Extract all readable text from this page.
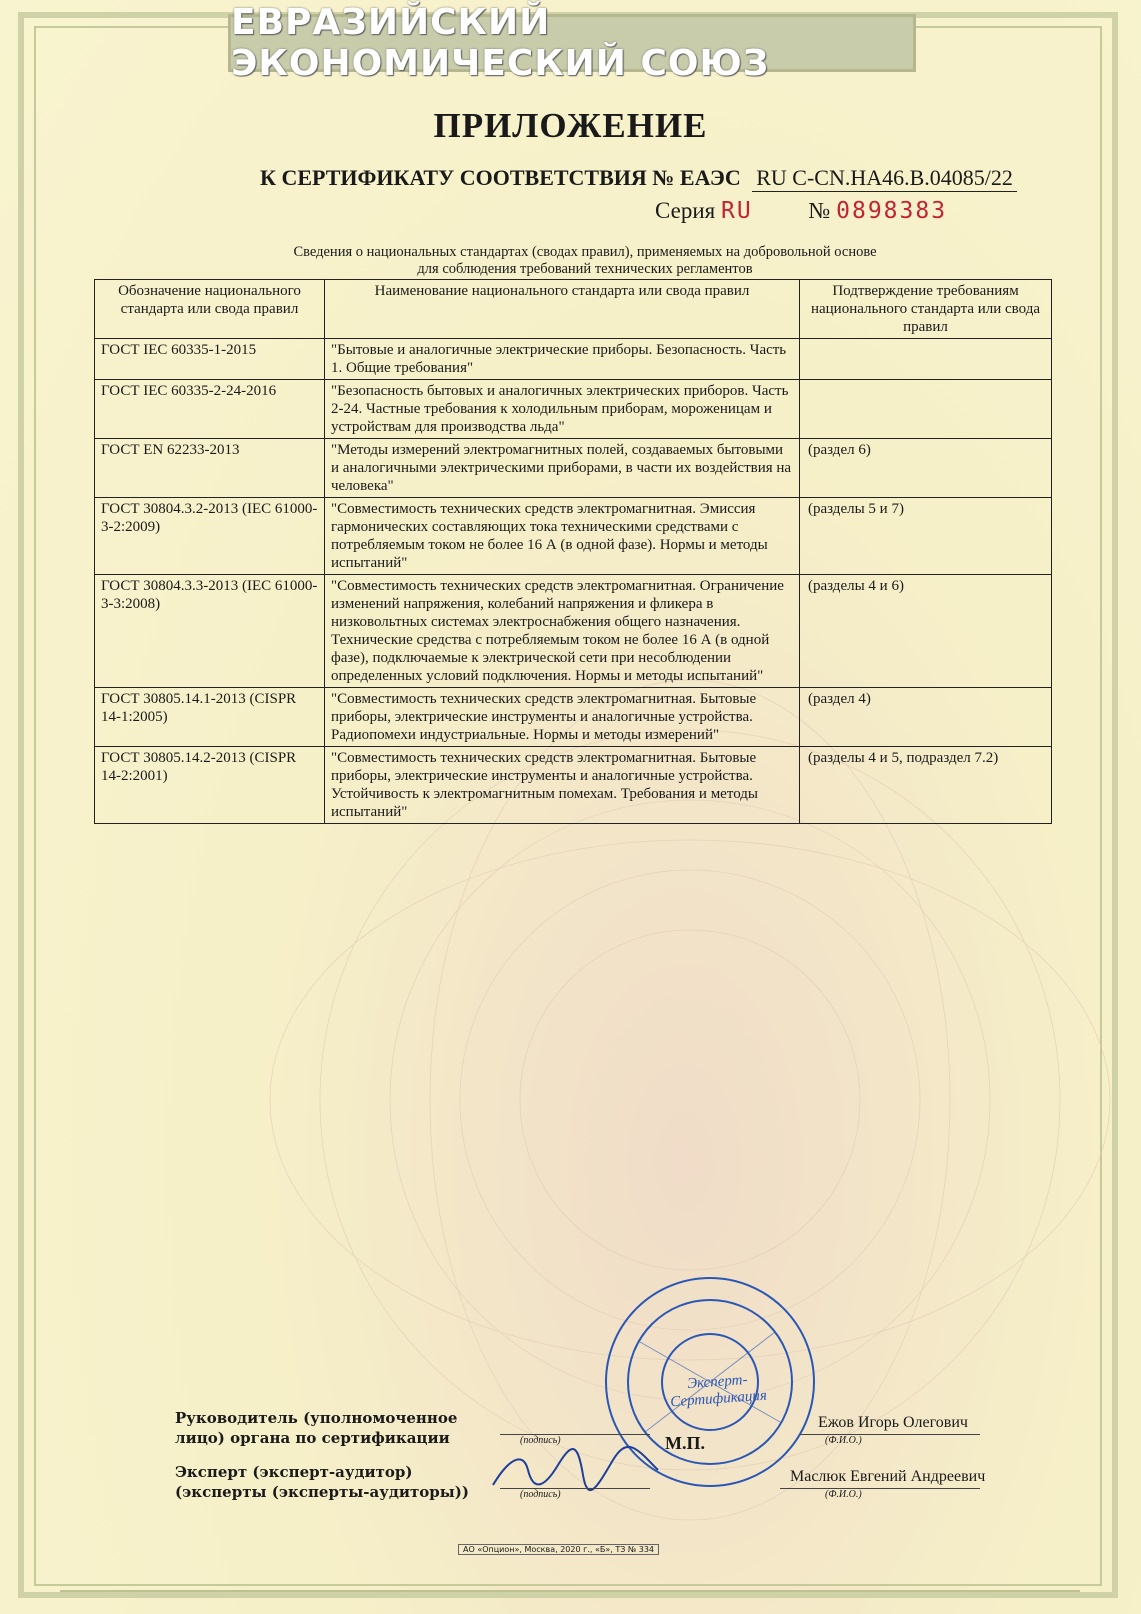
ЕВРАЗИЙСКИЙ ЭКОНОМИЧЕСКИЙ СОЮЗ
ПРИЛОЖЕНИЕ
К СЕРТИФИКАТУ СООТВЕТСТВИЯ № ЕАЭС RU C-CN.HA46.B.04085/22
Серия RU № 0898383
Сведения о национальных стандартах (сводах правил), применяемых на добровольной основе
для соблюдения требований технических регламентов
Обозначение национального стандарта или свода правил	Наименование национального стандарта или свода правил	Подтверждение требованиям национального стандарта или свода правил
ГОСТ IEC 60335-1-2015	"Бытовые и аналогичные электрические приборы. Безопасность. Часть 1. Общие требования"	
ГОСТ IEC 60335-2-24-2016	"Безопасность бытовых и аналогичных электрических приборов. Часть 2-24. Частные требования к холодильным приборам, мороженицам и устройствам для производства льда"	
ГОСТ EN 62233-2013	"Методы измерений электромагнитных полей, создаваемых бытовыми и аналогичными электрическими приборами, в части их воздействия на человека"	(раздел 6)
ГОСТ 30804.3.2-2013 (IEC 61000-3-2:2009)	"Совместимость технических средств электромагнитная. Эмиссия гармонических составляющих тока техническими средствами с потребляемым током не более 16 А (в одной фазе). Нормы и методы испытаний"	(разделы 5 и 7)
ГОСТ 30804.3.3-2013 (IEC 61000-3-3:2008)	"Совместимость технических средств электромагнитная. Ограничение изменений напряжения, колебаний напряжения и фликера в низковольтных системах электроснабжения общего назначения. Технические средства с потребляемым током не более 16 А (в одной фазе), подключаемые к электрической сети при несоблюдении определенных условий подключения. Нормы и методы испытаний"	(разделы 4 и 6)
ГОСТ 30805.14.1-2013 (CISPR 14-1:2005)	"Совместимость технических средств электромагнитная. Бытовые приборы, электрические инструменты и аналогичные устройства. Радиопомехи индустриальные. Нормы и методы измерений"	(раздел 4)
ГОСТ 30805.14.2-2013 (CISPR 14-2:2001)	"Совместимость технических средств электромагнитная. Бытовые приборы, электрические инструменты и аналогичные устройства. Устойчивость к электромагнитным помехам. Требования и методы испытаний"	(разделы 4 и 5, подраздел 7.2)
Эксперт-Сертификация
Руководитель (уполномоченное
лицо) органа по сертификации	(подпись)	М.П.
Ежов Игорь Олегович
(Ф.И.О.)
Эксперт (эксперт-аудитор)
(эксперты (эксперты-аудиторы))	(подпись)
Маслюк Евгений Андреевич
(Ф.И.О.)
АО «Опцион», Москва, 2020 г., «Б», ТЗ № 334
